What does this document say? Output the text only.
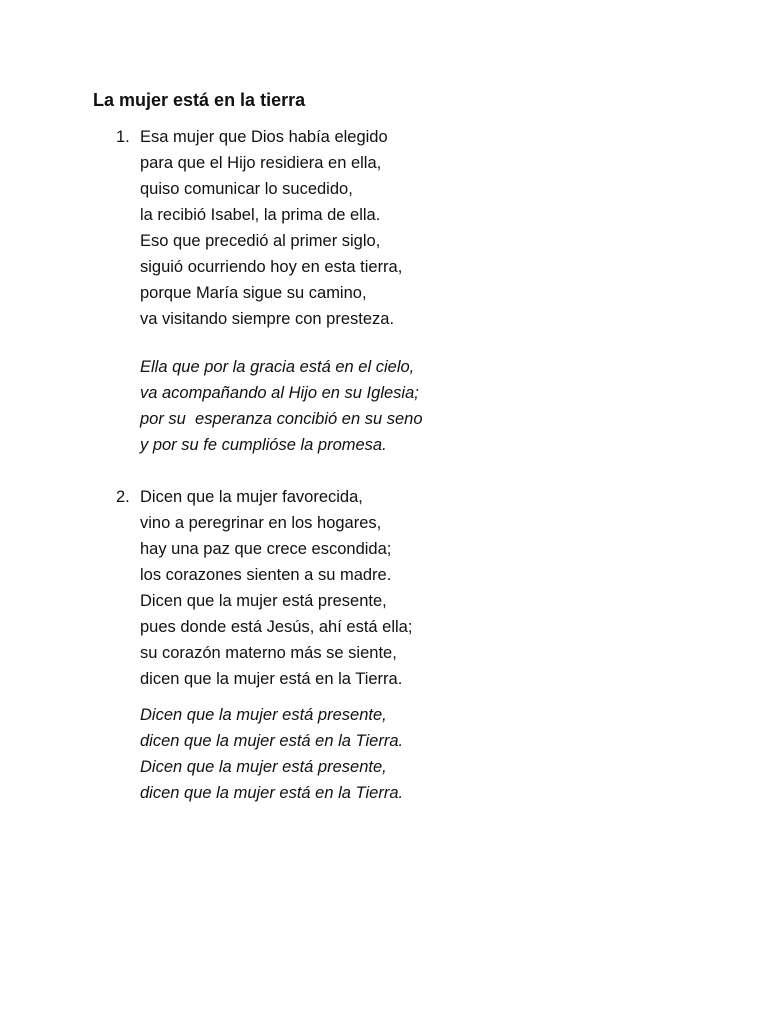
La mujer está en la tierra
1. Esa mujer que Dios había elegido
para que el Hijo residiera en ella,
quiso comunicar lo sucedido,
la recibió Isabel, la prima de ella.
Eso que precedió al primer siglo,
siguió ocurriendo hoy en esta tierra,
porque María sigue su camino,
va visitando siempre con presteza.
Ella que por la gracia está en el cielo,
va acompañando al Hijo en su Iglesia;
por su  esperanza concibió en su seno
y por su fe cumplióse la promesa.
2. Dicen que la mujer favorecida,
vino a peregrinar en los hogares,
hay una paz que crece escondida;
los corazones sienten a su madre.
Dicen que la mujer está presente,
pues donde está Jesús, ahí está ella;
su corazón materno más se siente,
dicen que la mujer está en la Tierra.
Dicen que la mujer está presente,
dicen que la mujer está en la Tierra.
Dicen que la mujer está presente,
dicen que la mujer está en la Tierra.
